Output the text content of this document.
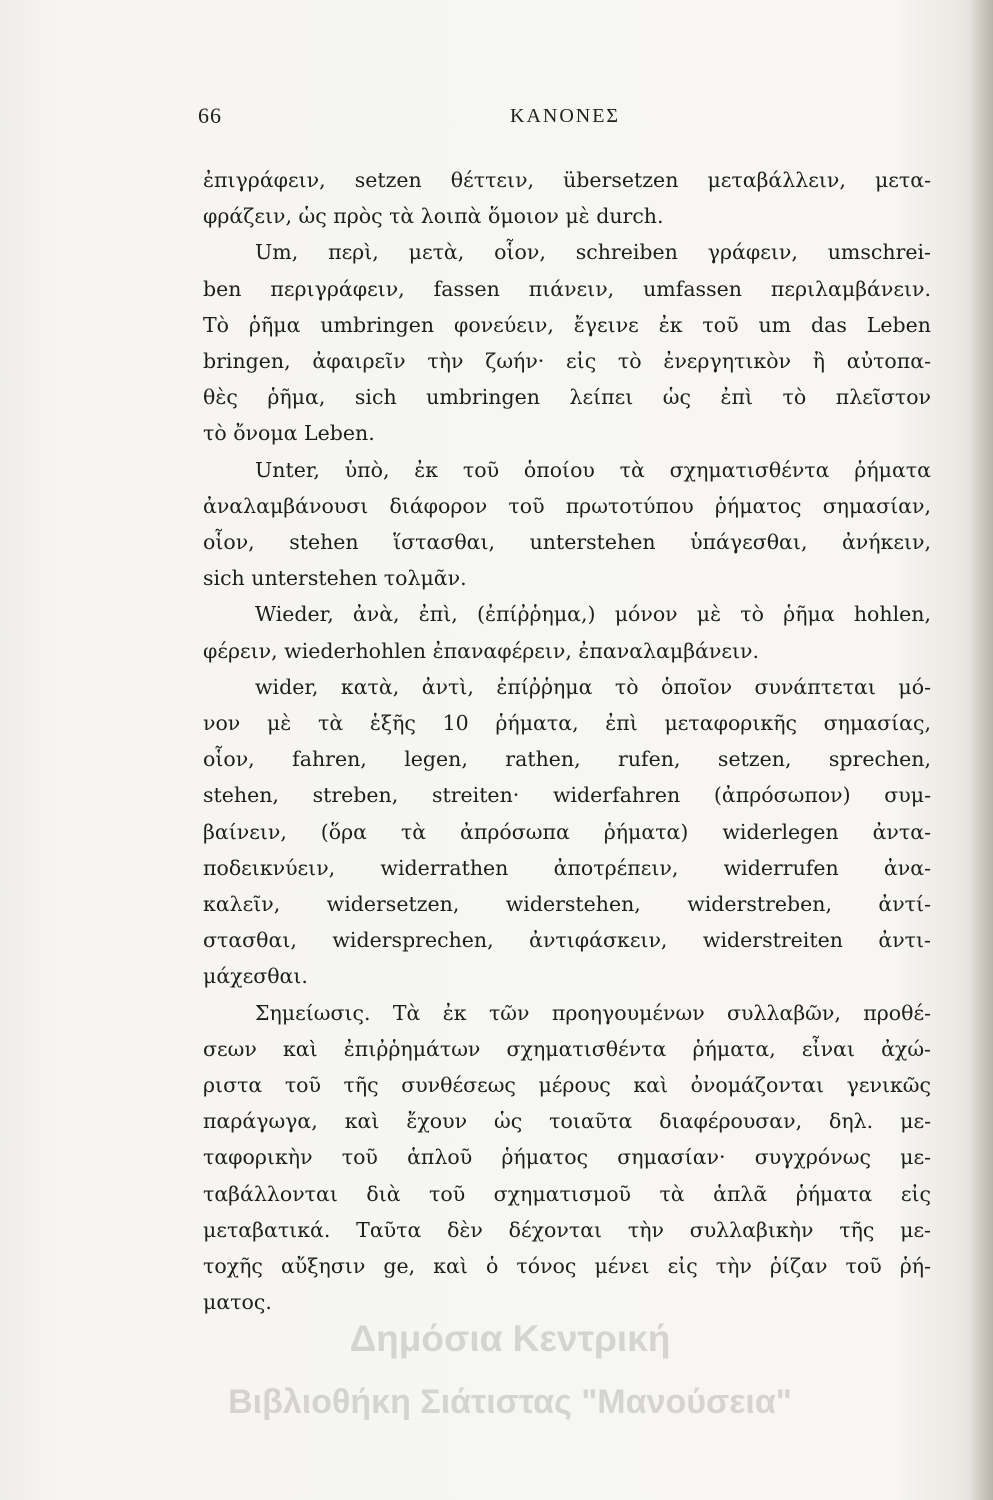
66	ΚΑΝΟΝΕΣ
ἐπιγράφειν, setzen θέττειν, übersetzen μεταβάλλειν, μετα-
φράζειν, ὡς πρὸς τὰ λοιπὰ ὅμοιον μὲ durch.
Um, περὶ, μετὰ, οἷον, schreiben γράφειν, umschrei-
ben περιγράφειν, fassen πιάνειν, umfassen περιλαμβάνειν.
Τὸ ῥῆμα umbringen φονεύειν, ἔγεινε ἐκ τοῦ um das Leben
bringen, ἀφαιρεῖν τὴν ζωήν· εἰς τὸ ἐνεργητικὸν ἢ αὐτοπα-
θὲς ῥῆμα, sich umbringen λείπει ὡς ἐπὶ τὸ πλεῖστον
τὸ ὄνομα Leben.
Unter, ὑπὸ, ἐκ τοῦ ὁποίου τὰ σχηματισθέντα ῥήματα
ἀναλαμβάνουσι διάφορον τοῦ πρωτοτύπου ῥήματος σημασίαν,
οἷον, stehen ἵστασθαι, unterstehen ὑπάγεσθαι, ἀνήκειν,
sich unterstehen τολμᾶν.
Wieder, ἀνὰ, ἐπὶ, (ἐπίῤῥημα,) μόνον μὲ τὸ ῥῆμα hohlen,
φέρειν, wiederhohlen ἐπαναφέρειν, ἐπαναλαμβάνειν.
wider, κατὰ, ἀντὶ, ἐπίῤῥημα τὸ ὁποῖον συνάπτεται μό-
νον μὲ τὰ ἑξῆς 10 ῥήματα, ἐπὶ μεταφορικῆς σημασίας,
οἷον, fahren, legen, rathen, rufen, setzen, sprechen,
stehen, streben, streiten· widerfahren (ἀπρόσωπον) συμ-
βαίνειν, (ὅρα τὰ ἀπρόσωπα ῥήματα) widerlegen ἀντα-
ποδεικνύειν, widerrathen ἀποτρέπειν, widerrufen ἀνα-
καλεῖν, widersetzen, widerstehen, widerstreben, ἀντί-
στασθαι, widersprechen, ἀντιφάσκειν, widerstreiten ἀντι-
μάχεσθαι.
Σημείωσις. Τὰ ἐκ τῶν προηγουμένων συλλαβῶν, προθέ-
σεων καὶ ἐπιῤῥημάτων σχηματισθέντα ῥήματα, εἶναι ἀχώ-
ριστα τοῦ τῆς συνθέσεως μέρους καὶ ὀνομάζονται γενικῶς
παράγωγα, καὶ ἔχουν ὡς τοιαῦτα διαφέρουσαν, δηλ. με-
ταφορικὴν τοῦ ἁπλοῦ ῥήματος σημασίαν· συγχρόνως με-
ταβάλλονται διὰ τοῦ σχηματισμοῦ τὰ ἁπλᾶ ῥήματα εἰς
μεταβατικά. Ταῦτα δὲν δέχονται τὴν συλλαβικὴν τῆς με-
τοχῆς αὔξησιν ge, καὶ ὁ τόνος μένει εἰς τὴν ῥίζαν τοῦ ῥή-
ματος.
Δημόσια Κεντρική
Βιβλιοθήκη Σιάτιστας "Μανούσεια"
